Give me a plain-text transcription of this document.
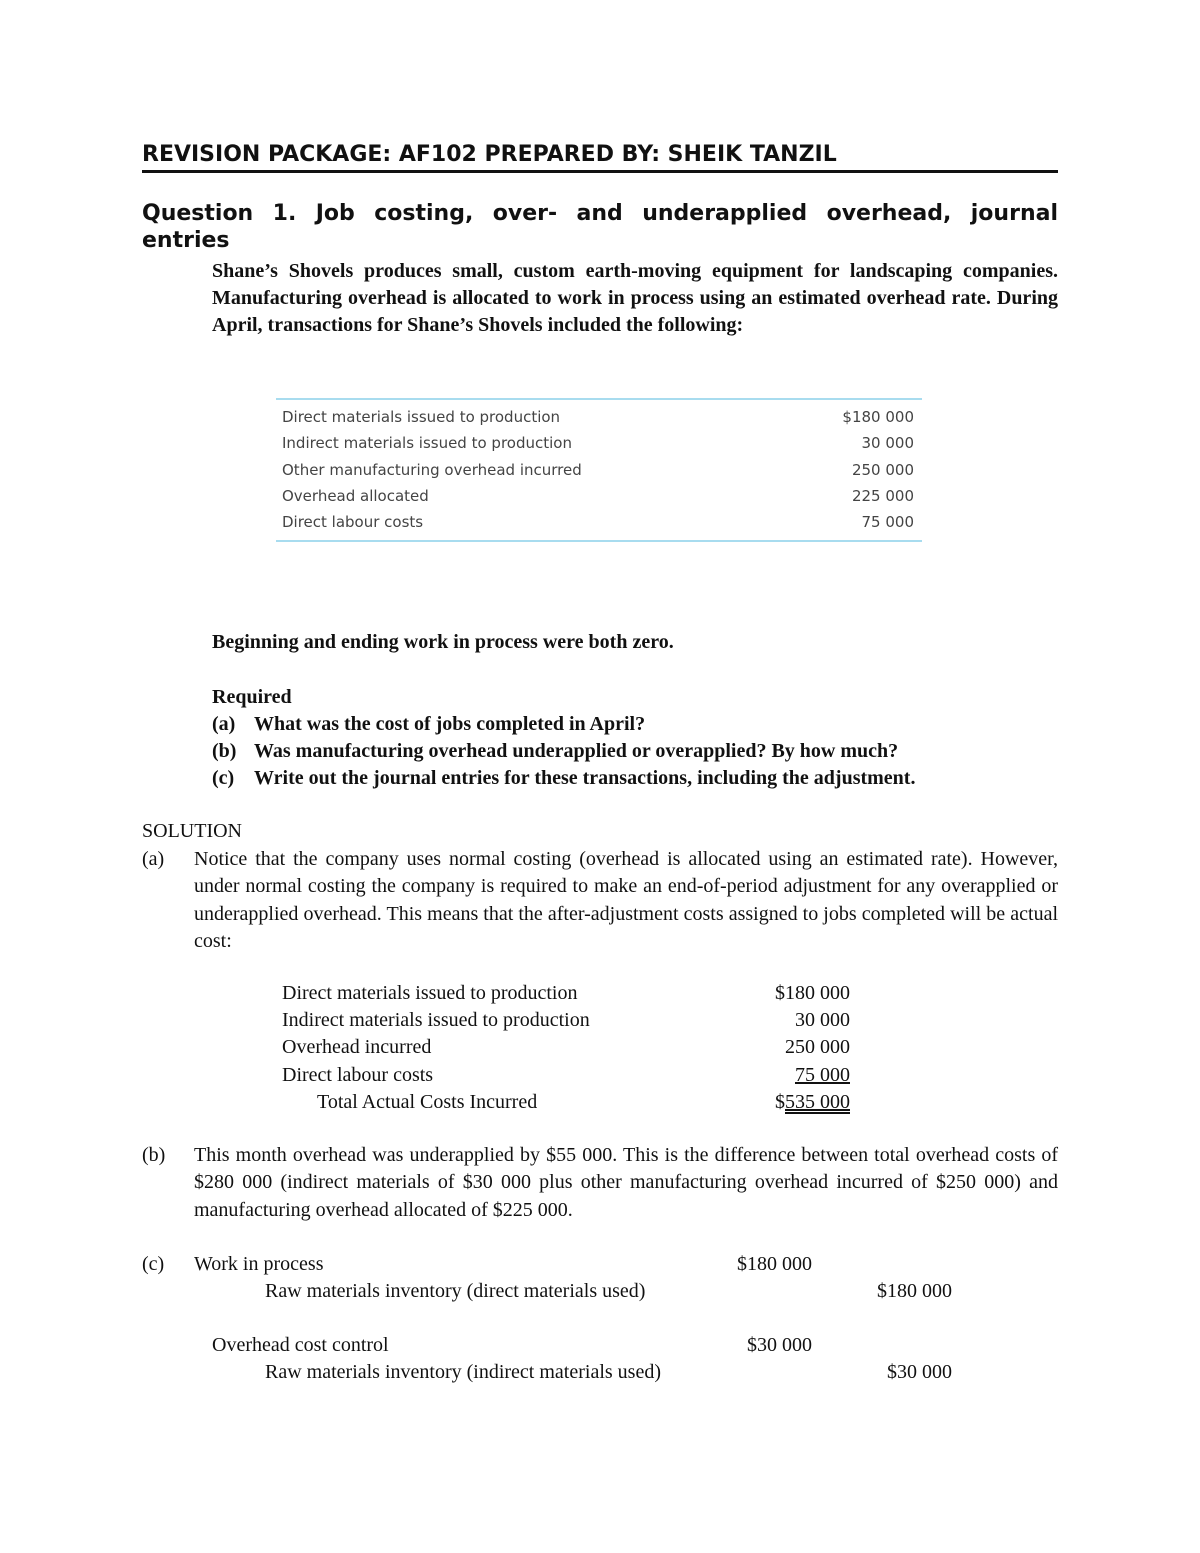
REVISION PACKAGE: AF102 PREPARED BY: SHEIK TANZIL
Question 1. Job costing, over- and underapplied overhead, journal
entries
Shane’s Shovels produces small, custom earth-moving equipment for landscaping companies. Manufacturing overhead is allocated to work in process using an estimated overhead rate. During April, transactions for Shane’s Shovels included the following:
Direct materials issued to production	$180 000
Indirect materials issued to production	30 000
Other manufacturing overhead incurred	250 000
Overhead allocated	225 000
Direct labour costs	75 000
Beginning and ending work in process were both zero.
Required
(a) What was the cost of jobs completed in April?
(b) Was manufacturing overhead underapplied or overapplied? By how much?
(c) Write out the journal entries for these transactions, including the adjustment.
SOLUTION
(a)	Notice that the company uses normal costing (overhead is allocated using an estimated rate). However, under normal costing the company is required to make an end-of-period adjustment for any overapplied or underapplied overhead. This means that the after-adjustment costs assigned to jobs completed will be actual cost:
Direct materials issued to production	$180 000
Indirect materials issued to production	30 000
Overhead incurred	250 000
Direct labour costs	75 000
Total Actual Costs Incurred	$535 000
(b)	This month overhead was underapplied by $55 000. This is the difference between total overhead costs of $280 000 (indirect materials of $30 000 plus other manufacturing overhead incurred of $250 000) and manufacturing overhead allocated of $225 000.
(c) Work in process	$180 000
Raw materials inventory (direct materials used)	$180 000
Overhead cost control	$30 000
Raw materials inventory (indirect materials used)	$30 000
